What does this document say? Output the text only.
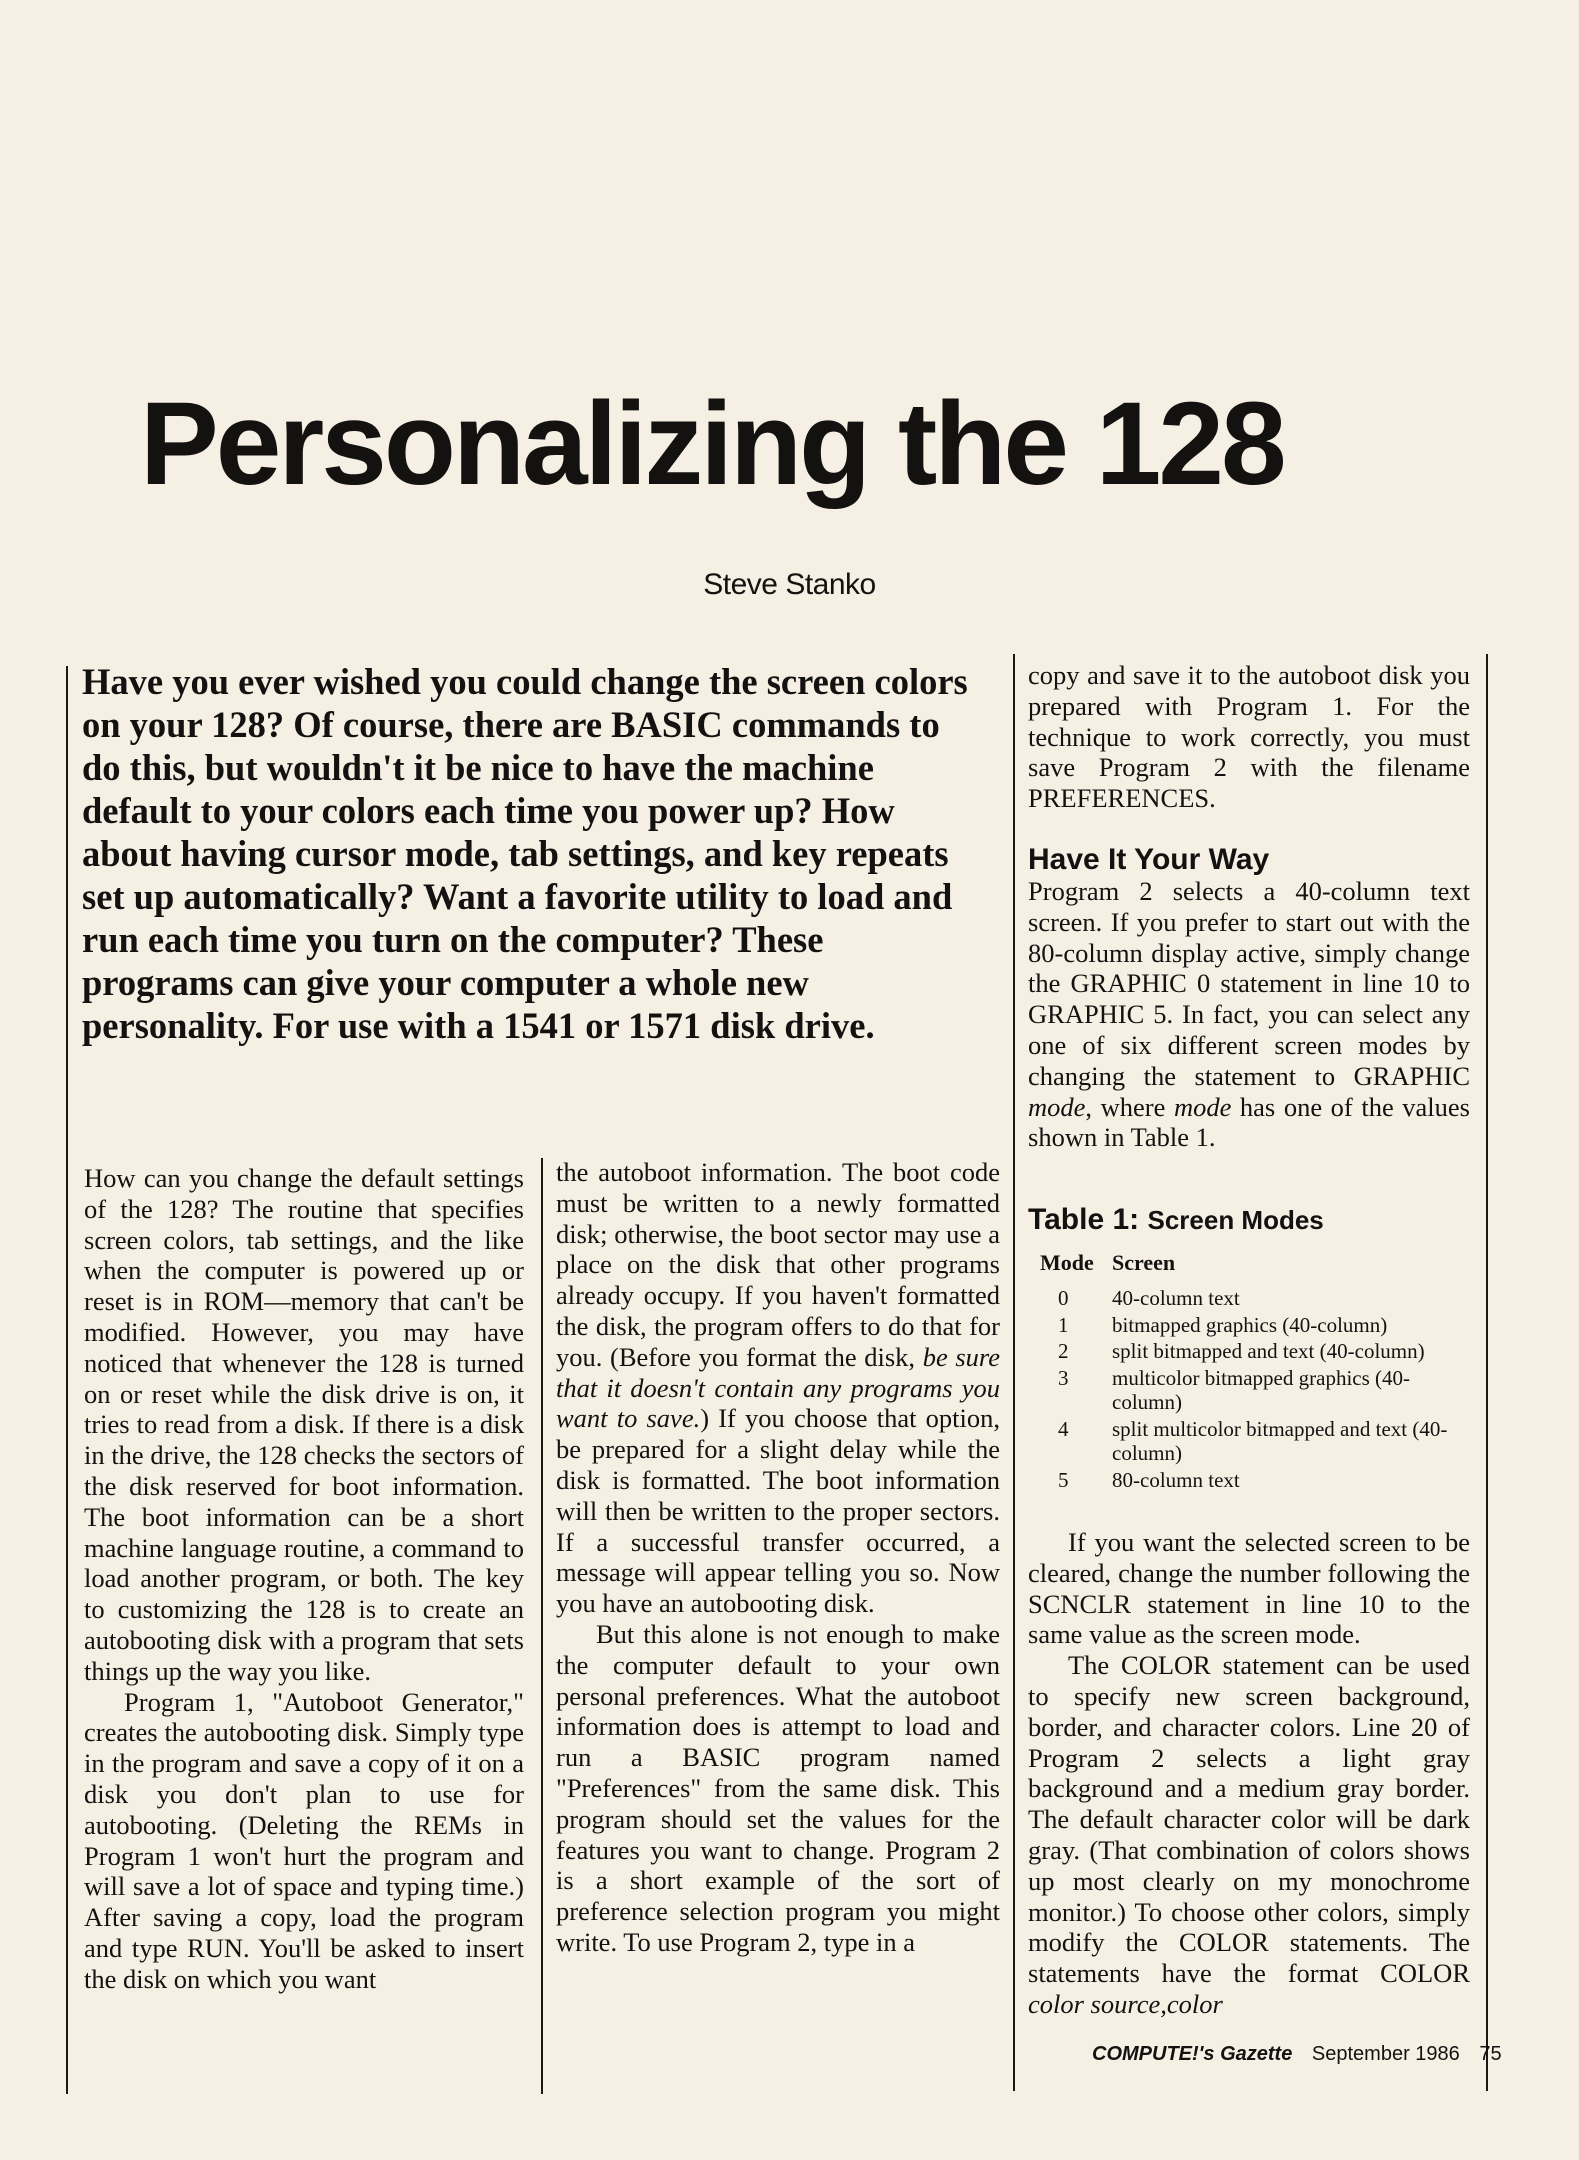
Personalizing the 128
Steve Stanko

Have you ever wished you could change the screen colors on your 128? Of course, there are BASIC commands to do this, but wouldn't it be nice to have the machine default to your colors each time you power up? How about having cursor mode, tab settings, and key repeats set up automatically? Want a favorite utility to load and run each time you turn on the computer? These programs can give your computer a whole new personality. For use with a 1541 or 1571 disk drive.

How can you change the default settings of the 128? The routine that specifies screen colors, tab settings, and the like when the computer is powered up or reset is in ROM—memory that can't be modified. However, you may have noticed that whenever the 128 is turned on or reset while the disk drive is on, it tries to read from a disk. If there is a disk in the drive, the 128 checks the sectors of the disk reserved for boot information. The boot information can be a short machine language routine, a command to load another program, or both. The key to customizing the 128 is to create an autobooting disk with a program that sets things up the way you like.

Program 1, "Autoboot Generator," creates the autobooting disk. Simply type in the program and save a copy of it on a disk you don't plan to use for autobooting. (Deleting the REMs in Program 1 won't hurt the program and will save a lot of space and typing time.) After saving a copy, load the program and type RUN. You'll be asked to insert the disk on which you want

the autoboot information. The boot code must be written to a newly formatted disk; otherwise, the boot sector may use a place on the disk that other programs already occupy. If you haven't formatted the disk, the program offers to do that for you. (Before you format the disk, be sure that it doesn't contain any programs you want to save.) If you choose that option, be prepared for a slight delay while the disk is formatted. The boot information will then be written to the proper sectors. If a successful transfer occurred, a message will appear telling you so. Now you have an autobooting disk.

But this alone is not enough to make the computer default to your own personal preferences. What the autoboot information does is attempt to load and run a BASIC program named "Preferences" from the same disk. This program should set the values for the features you want to change. Program 2 is a short example of the sort of preference selection program you might write. To use Program 2, type in a

copy and save it to the autoboot disk you prepared with Program 1. For the technique to work correctly, you must save Program 2 with the filename PREFERENCES.

Have It Your Way

Program 2 selects a 40-column text screen. If you prefer to start out with the 80-column display active, simply change the GRAPHIC 0 statement in line 10 to GRAPHIC 5. In fact, you can select any one of six different screen modes by changing the statement to GRAPHIC mode, where mode has one of the values shown in Table 1.

Table 1: Screen Modes
Mode Screen
0	40-column text
1	bitmapped graphics (40-column)
2	split bitmapped and text (40-column)
3	multicolor bitmapped graphics (40-column)
4	split multicolor bitmapped and text (40-column)
5	80-column text

If you want the selected screen to be cleared, change the number following the SCNCLR statement in line 10 to the same value as the screen mode.

The COLOR statement can be used to specify new screen background, border, and character colors. Line 20 of Program 2 selects a light gray background and a medium gray border. The default character color will be dark gray. (That combination of colors shows up most clearly on my monochrome monitor.) To choose other colors, simply modify the COLOR statements. The statements have the format COLOR color source,color

COMPUTE!'s Gazette September 1986 75
